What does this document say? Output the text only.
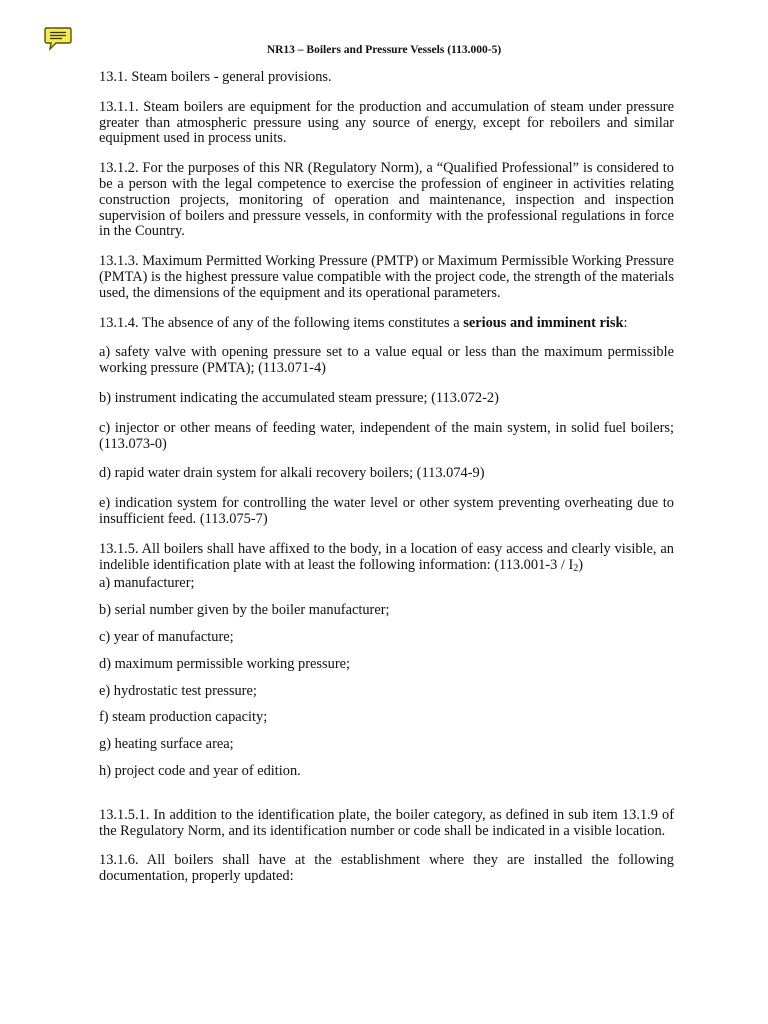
NR13 – Boilers and Pressure Vessels (113.000-5)

13.1. Steam boilers - general provisions.

13.1.1. Steam boilers are equipment for the production and accumulation of steam under pressure greater than atmospheric pressure using any source of energy, except for reboilers and similar equipment used in process units.

13.1.2. For the purposes of this NR (Regulatory Norm), a “Qualified Professional” is considered to be a person with the legal competence to exercise the profession of engineer in activities relating construction projects, monitoring of operation and maintenance, inspection and inspection supervision of boilers and pressure vessels, in conformity with the professional regulations in force in the Country.

13.1.3. Maximum Permitted Working Pressure (PMTP) or Maximum Permissible Working Pressure (PMTA) is the highest pressure value compatible with the project code, the strength of the materials used, the dimensions of the equipment and its operational parameters.

13.1.4. The absence of any of the following items constitutes a serious and imminent risk:

a) safety valve with opening pressure set to a value equal or less than the maximum permissible working pressure (PMTA); (113.071-4)

b) instrument indicating the accumulated steam pressure; (113.072-2)

c) injector or other means of feeding water, independent of the main system, in solid fuel boilers; (113.073-0)

d) rapid water drain system for alkali recovery boilers; (113.074-9)

e) indication system for controlling the water level or other system preventing overheating due to insufficient feed. (113.075-7)

13.1.5. All boilers shall have affixed to the body, in a location of easy access and clearly visible, an indelible identification plate with at least the following information: $(113.001-3 / I_2)$

a) manufacturer;

b) serial number given by the boiler manufacturer;

c) year of manufacture;

d) maximum permissible working pressure;

e) hydrostatic test pressure;

f) steam production capacity;

g) heating surface area;

h) project code and year of edition.

13.1.5.1. In addition to the identification plate, the boiler category, as defined in sub item 13.1.9 of the Regulatory Norm, and its identification number or code shall be indicated in a visible location.

13.1.6. All boilers shall have at the establishment where they are installed the following documentation, properly updated:
